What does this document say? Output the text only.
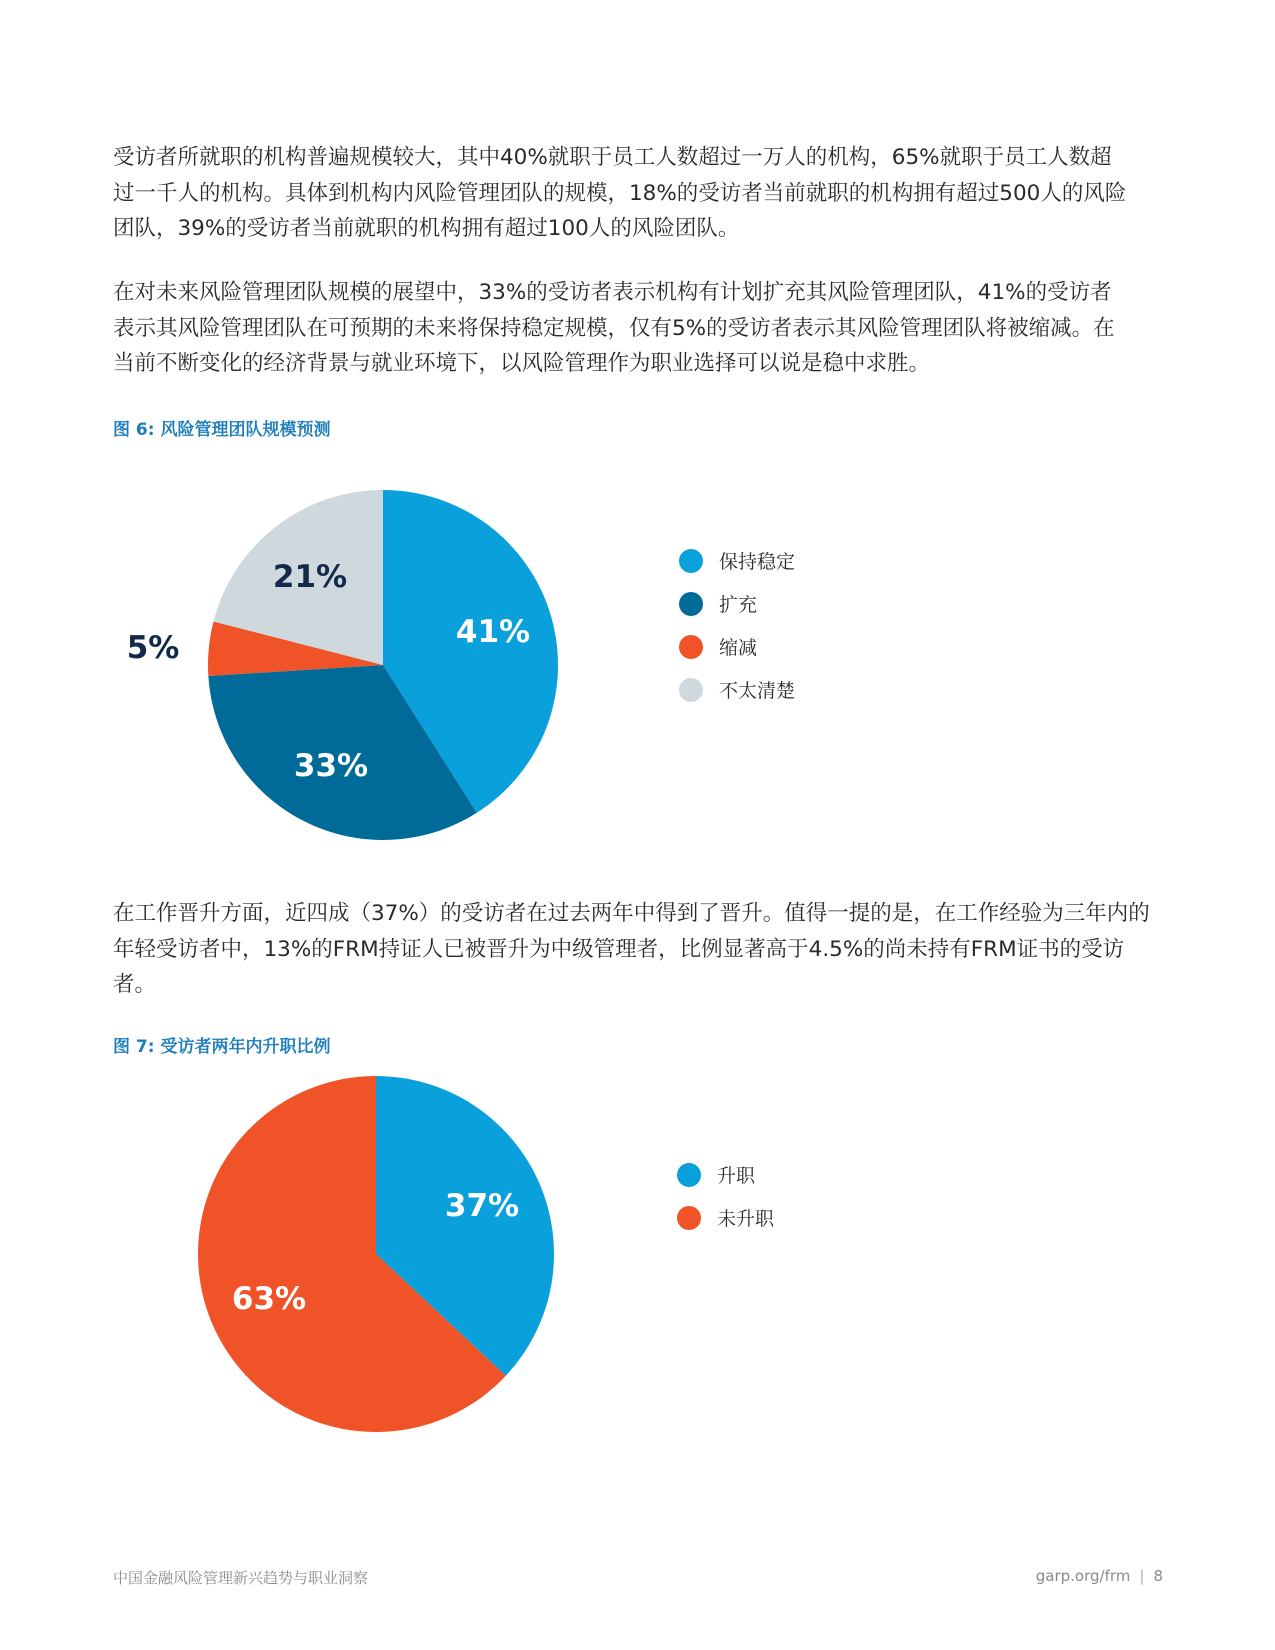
受访者所就职的机构普遍规模较大，其中40%就职于员工人数超过一万人的机构，65%就职于员工人数超
过一千人的机构。具体到机构内风险管理团队的规模，18%的受访者当前就职的机构拥有超过500人的风险
团队，39%的受访者当前就职的机构拥有超过100人的风险团队。

在对未来风险管理团队规模的展望中，33%的受访者表示机构有计划扩充其风险管理团队，41%的受访者
表示其风险管理团队在可预期的未来将保持稳定规模，仅有5%的受访者表示其风险管理团队将被缩减。在
当前不断变化的经济背景与就业环境下，以风险管理作为职业选择可以说是稳中求胜。

图 6: 风险管理团队规模预测
41%
33%
5%
21%	保持稳定
扩充
缩减
不太清楚

在工作晋升方面，近四成（37%）的受访者在过去两年中得到了晋升。值得一提的是，在工作经验为三年内的
年轻受访者中，13%的FRM持证人已被晋升为中级管理者，比例显著高于4.5%的尚未持有FRM证书的受访
者。

图 7: 受访者两年内升职比例
37%
63%
升职
未升职
中国金融风险管理新兴趋势与职业洞察	garp.org/frm | 8
